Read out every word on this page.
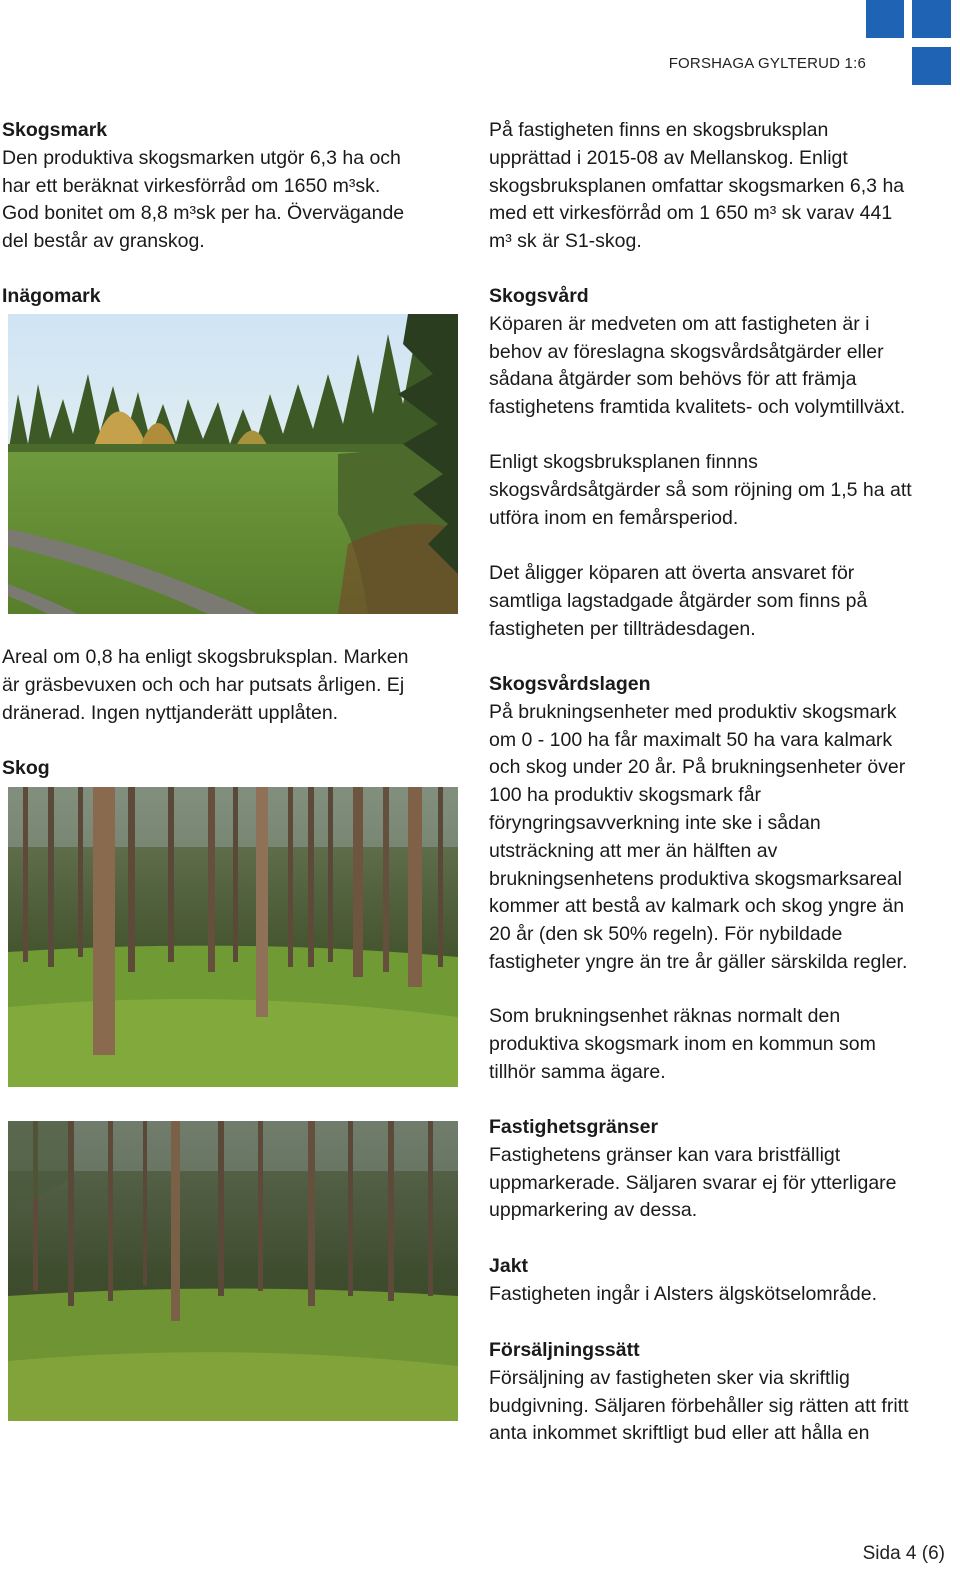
FORSHAGA GYLTERUD 1:6
Skogsmark
Den produktiva skogsmarken utgör 6,3 ha och
har ett beräknat virkesförråd om 1650 m³sk.
God bonitet om 8,8 m³sk per ha. Övervägande
del består av granskog.
Inägomark
Areal om 0,8 ha enligt skogsbruksplan. Marken
är gräsbevuxen och och har putsats årligen. Ej
dränerad. Ingen nyttjanderätt upplåten.
Skog
På fastigheten finns en skogsbruksplan
upprättad i 2015-08 av Mellanskog. Enligt
skogsbruksplanen omfattar skogsmarken 6,3 ha
med ett virkesförråd om 1 650 m³ sk varav 441
m³ sk är S1-skog.
Skogsvård
Köparen är medveten om att fastigheten är i
behov av föreslagna skogsvårdsåtgärder eller
sådana åtgärder som behövs för att främja
fastighetens framtida kvalitets- och volymtillväxt.
Enligt skogsbruksplanen finnns
skogsvårdsåtgärder så som röjning om 1,5 ha att
utföra inom en femårsperiod.
Det åligger köparen att överta ansvaret för
samtliga lagstadgade åtgärder som finns på
fastigheten per tillträdesdagen.
Skogsvårdslagen
På brukningsenheter med produktiv skogsmark
om 0 - 100 ha får maximalt 50 ha vara kalmark
och skog under 20 år. På brukningsenheter över
100 ha produktiv skogsmark får
föryngringsavverkning inte ske i sådan
utsträckning att mer än hälften av
brukningsenhetens produktiva skogsmarksareal
kommer att bestå av kalmark och skog yngre än
20 år (den sk 50% regeln). För nybildade
fastigheter yngre än tre år gäller särskilda regler.
Som brukningsenhet räknas normalt den
produktiva skogsmark inom en kommun som
tillhör samma ägare.
Fastighetsgränser
Fastighetens gränser kan vara bristfälligt
uppmarkerade. Säljaren svarar ej för ytterligare
uppmarkering av dessa.
Jakt
Fastigheten ingår i Alsters älgskötselområde.
Försäljningssätt
Försäljning av fastigheten sker via skriftlig
budgivning. Säljaren förbehåller sig rätten att fritt
anta inkommet skriftligt bud eller att hålla en
Sida 4 (6)
